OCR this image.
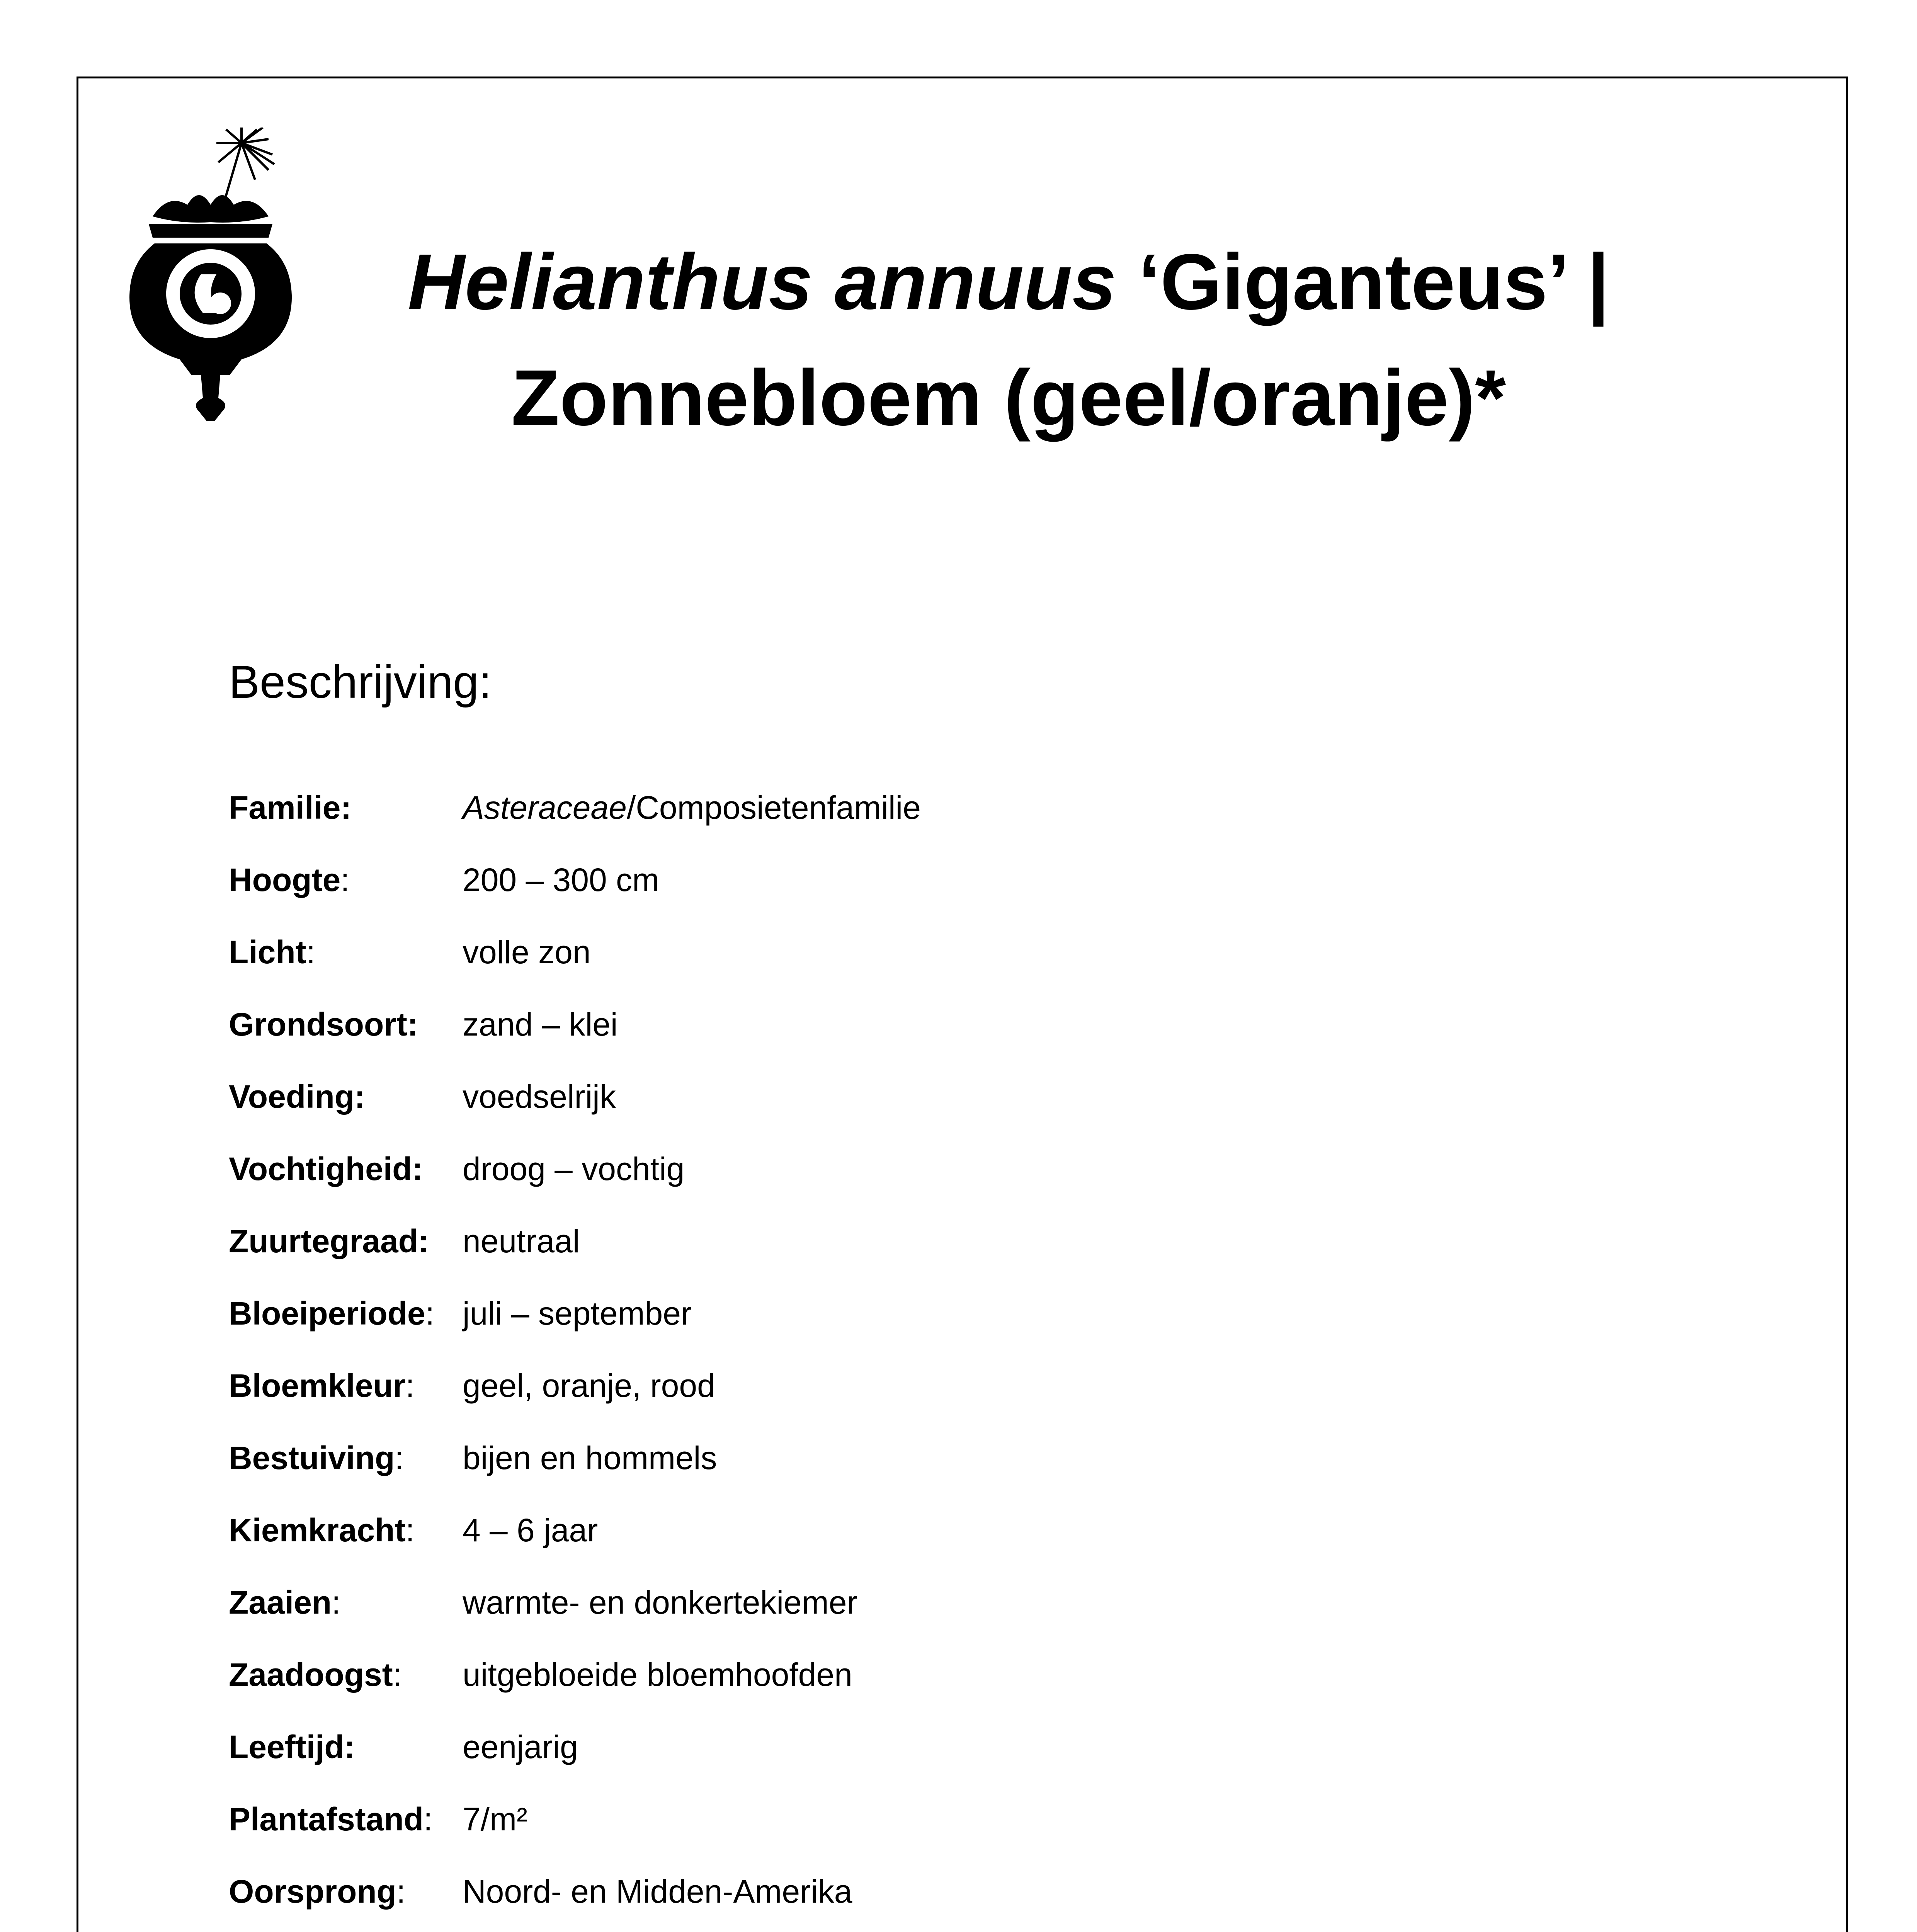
Helianthus annuus ‘Giganteus’ |
Zonnebloem (geel/oranje)*
Beschrijving:
Familie:	Asteraceae/Composietenfamilie
Hoogte:	200 – 300 cm
Licht:	volle zon
Grondsoort: zand – klei
Voeding:	voedselrijk
Vochtigheid: droog – vochtig
Zuurtegraad: neutraal
Bloeiperiode: juli – september
Bloemkleur: geel, oranje, rood
Bestuiving: bijen en hommels
Kiemkracht: 4 – 6 jaar
Zaaien:	warmte- en donkertekiemer
Zaadoogst: uitgebloeide bloemhoofden
Leeftijd:	eenjarig
Plantafstand: 7/m²
Oorsprong: Noord- en Midden-Amerika
